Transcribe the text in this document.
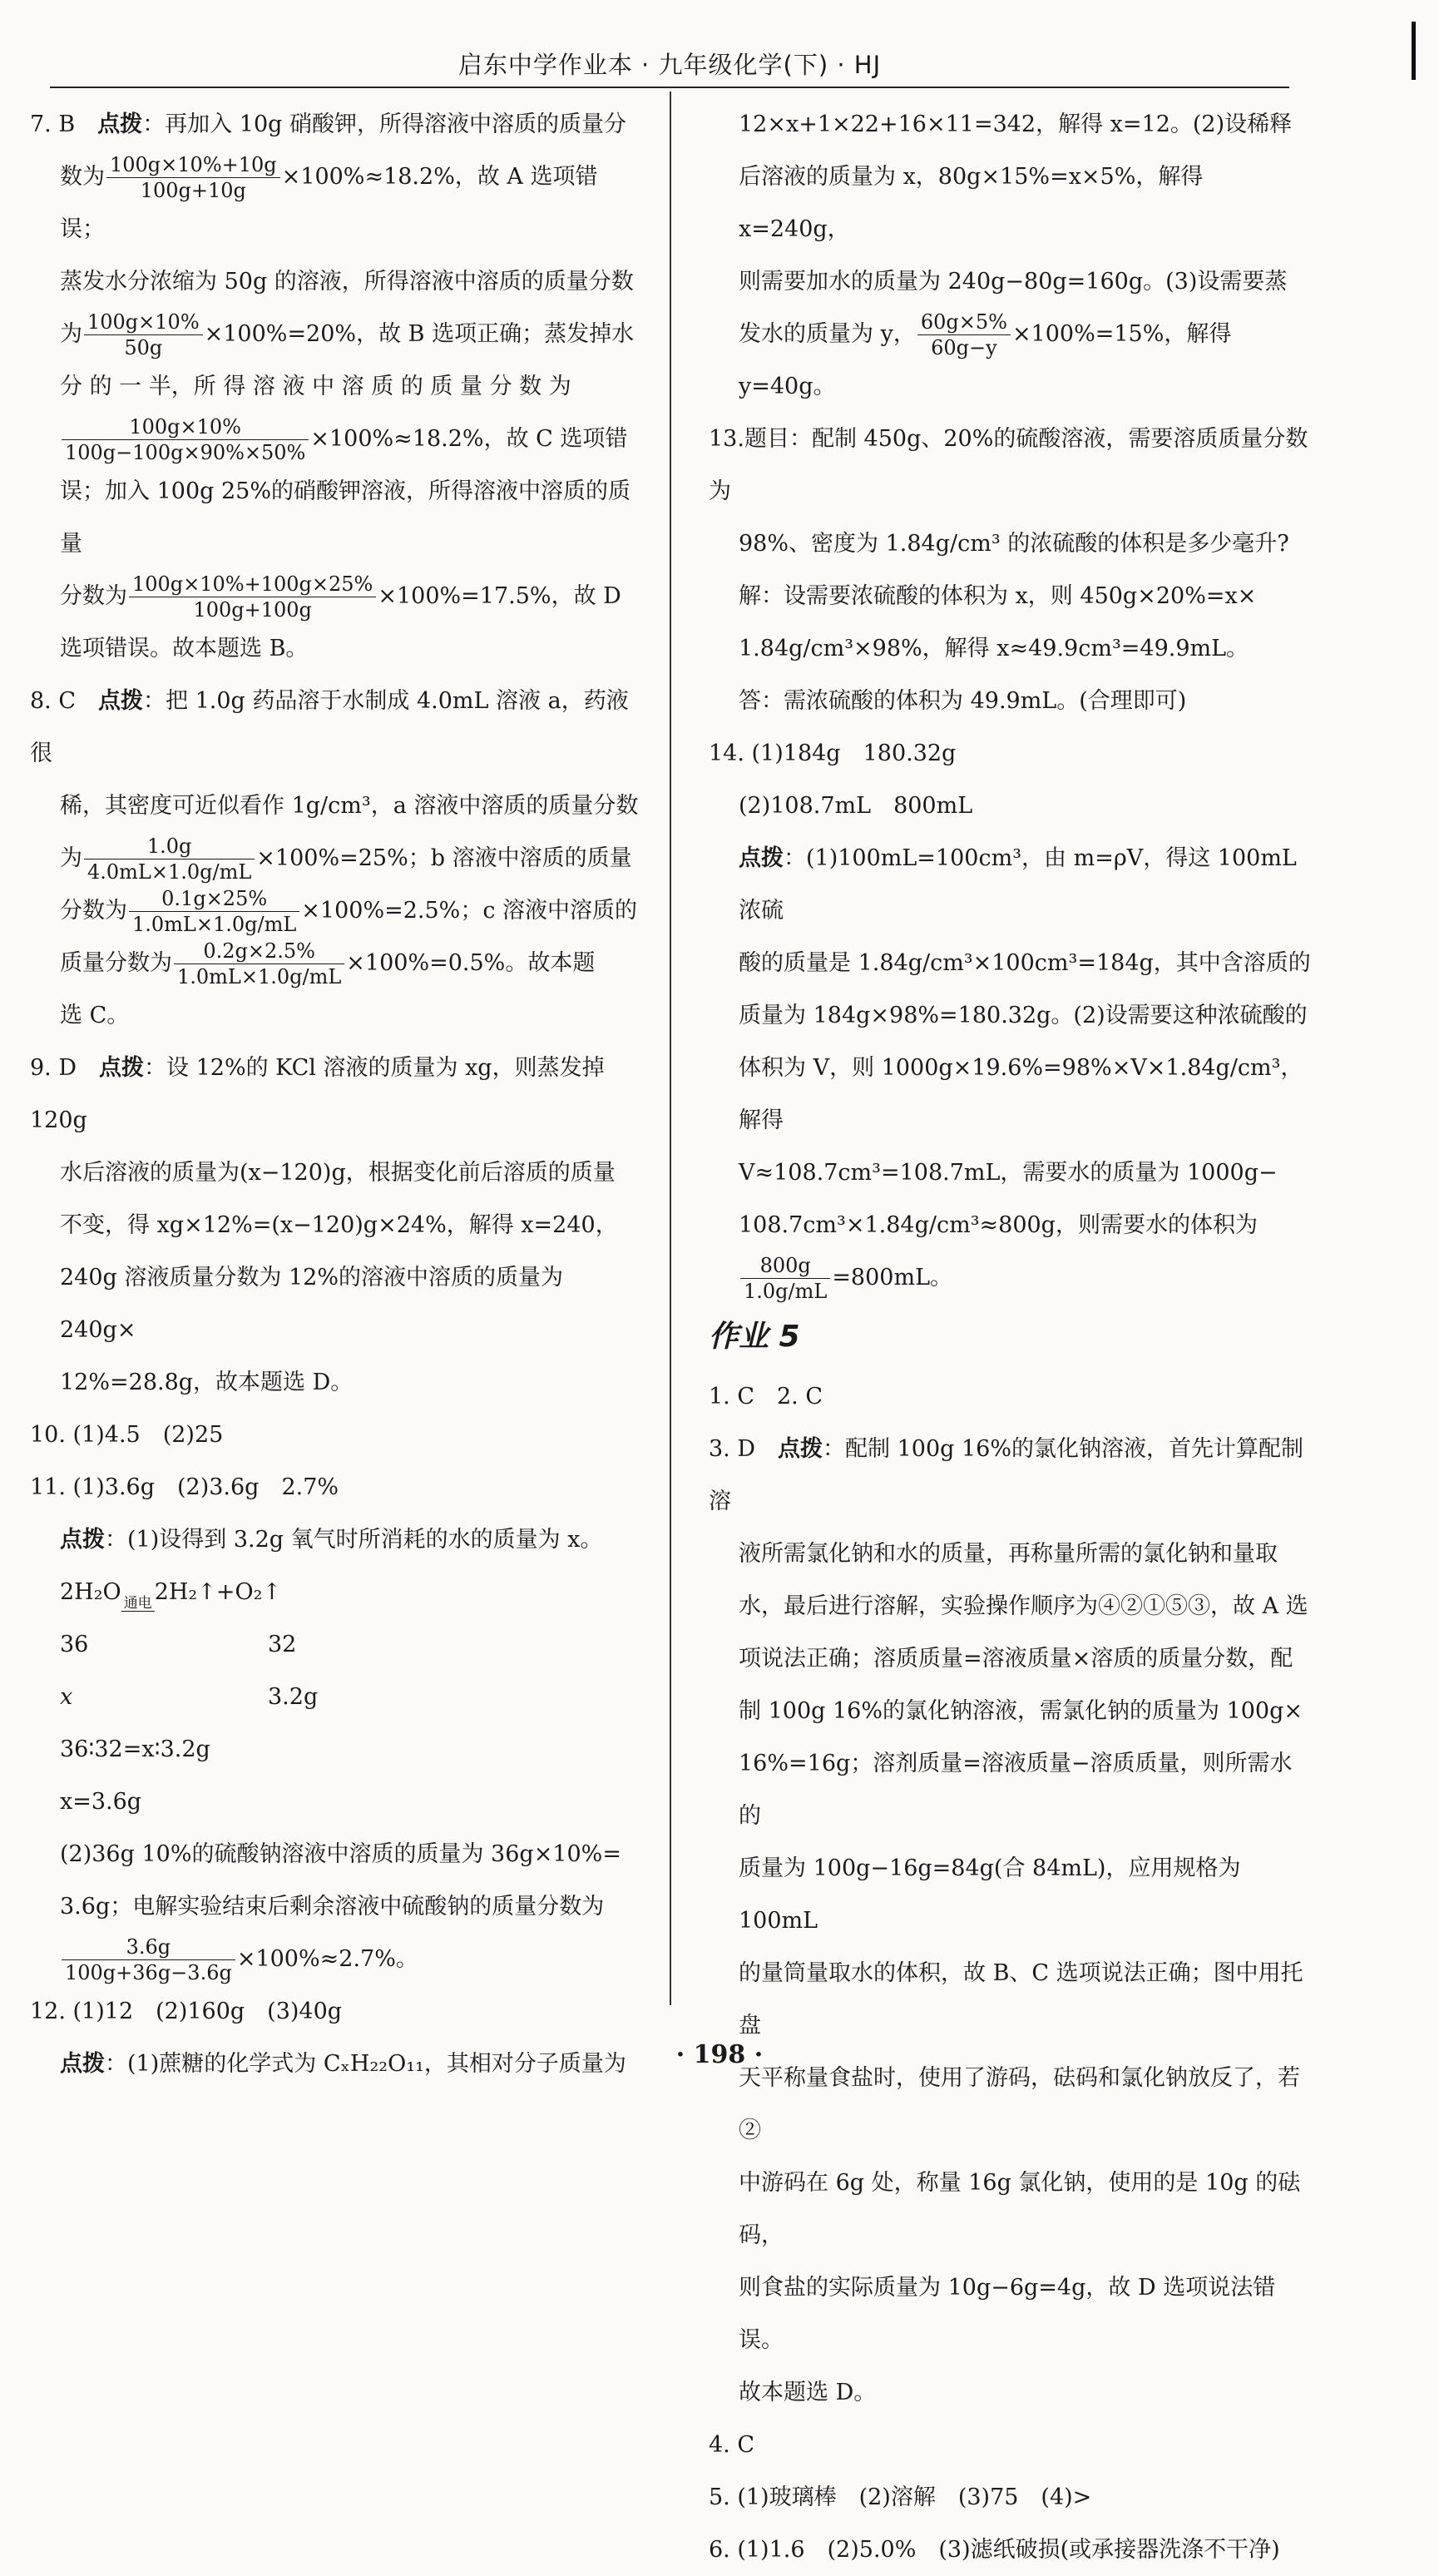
启东中学作业本 · 九年级化学(下) · HJ
7. B　 点拨：再加入 10g 硝酸钾，所得溶液中溶质的质量分
数为 $\frac{100g\times 10\%+10g}{100g+10g} \times 100\%\approx 18.2\%$，故 A 选项错误；
蒸发水分浓缩为 50g 的溶液，所得溶液中溶质的质量分数
为 $\frac{100g\times 10\%}{50g} \times 100\%=20\%$，故 B 选项正确；蒸发掉水
分 的 一 半，所 得 溶 液 中 溶 质 的 质 量 分 数 为
$\frac{100g\times 10\%}{100g-100g\times 90\%\times 50\%} \times 100\%\approx 18.2\%$，故 C 选项错
误；加入 100g 25%的硝酸钾溶液，所得溶液中溶质的质量
分数为 $\frac{100g\times 10\%+100g\times 25\%}{100g+100g} \times 100\%=17.5\%$，故 D
选项错误。故本题选 B。
8. C　 点拨：把 1.0g 药品溶于水制成 4.0mL 溶液 a，药液很
稀，其密度可近似看作 1g/cm³，a 溶液中溶质的质量分数
为 $\frac{1.0g}{4.0mL\times 1.0g/mL} \times 100\%=25\%$；b 溶液中溶质的质量
分数为 $\frac{0.1g\times 25\%}{1.0mL\times 1.0g/mL} \times 100\%=2.5\%$；c 溶液中溶质的
质量分数为 $\frac{0.2g\times 2.5\%}{1.0mL\times 1.0g/mL} \times 100\%=0.5\%$。故本题
选 C。
9. D　 点拨：设 12%的 KCl 溶液的质量为 xg，则蒸发掉 120g
水后溶液的质量为(x−120)g，根据变化前后溶质的质量
不变，得 xg×12%=(x−120)g×24%，解得 x=240，
240g 溶液质量分数为 12%的溶液中溶质的质量为 240g×
12%=28.8g，故本题选 D。
10. (1)4.5　(2)25
11. (1)3.6g　(2)3.6g　2.7%
点拨：(1)设得到 3.2g 氧气时所消耗的水的质量为 x。
2H₂O 通电 2H₂↑+O₂↑
36	32
x	3.2g
36∶32=x∶3.2g
x=3.6g
(2)36g 10%的硫酸钠溶液中溶质的质量为 36g×10%=
3.6g；电解实验结束后剩余溶液中硫酸钠的质量分数为
$\frac{3.6g}{100g+36g-3.6g} \times 100\%\approx 2.7\%$。
12. (1)12　(2)160g　(3)40g
点拨：(1)蔗糖的化学式为 CₓH₂₂O₁₁，其相对分子质量为
12×x+1×22+16×11=342，解得 x=12。(2)设稀释
后溶液的质量为 x，80g×15%=x×5%，解得 x=240g，
则需要加水的质量为 240g−80g=160g。(3)设需要蒸
发水的质量为 y， $\frac{60g\times 5\%}{60g-y} \times 100\%=15\%$，解得 y=40g。
13.题目：配制 450g、20%的硫酸溶液，需要溶质质量分数为
98%、密度为 1.84g/cm³ 的浓硫酸的体积是多少毫升?
解：设需要浓硫酸的体积为 x，则 450g×20%=x×
1.84g/cm³×98%，解得 x≈49.9cm³=49.9mL。
答：需浓硫酸的体积为 49.9mL。(合理即可)
14. (1)184g　180.32g
(2)108.7mL　800mL
点拨：(1)100mL=100cm³，由 m=ρV，得这 100mL 浓硫
酸的质量是 1.84g/cm³×100cm³=184g，其中含溶质的
质量为 184g×98%=180.32g。(2)设需要这种浓硫酸的
体积为 V，则 1000g×19.6%=98%×V×1.84g/cm³，解得
V≈108.7cm³=108.7mL，需要水的质量为 1000g−
108.7cm³×1.84g/cm³≈800g，则需要水的体积为
$\frac{800g}{1.0g/mL} =800mL$。
作业 5
1. C　2. C
3. D　 点拨：配制 100g 16%的氯化钠溶液，首先计算配制溶
液所需氯化钠和水的质量，再称量所需的氯化钠和量取
水，最后进行溶解，实验操作顺序为④②①⑤③，故 A 选
项说法正确；溶质质量=溶液质量×溶质的质量分数，配
制 100g 16%的氯化钠溶液，需氯化钠的质量为 100g×
16%=16g；溶剂质量=溶液质量−溶质质量，则所需水的
质量为 100g−16g=84g(合 84mL)，应用规格为 100mL
的量筒量取水的体积，故 B、C 选项说法正确；图中用托盘
天平称量食盐时，使用了游码，砝码和氯化钠放反了，若②
中游码在 6g 处，称量 16g 氯化钠，使用的是 10g 的砝码，
则食盐的实际质量为 10g−6g=4g，故 D 选项说法错误。
故本题选 D。
4. C
5. (1)玻璃棒　(2)溶解　(3)75　(4)>
6. (1)1.6　(2)5.0%　(3)滤纸破损(或承接器洗涤不干净)
· 198 ·
